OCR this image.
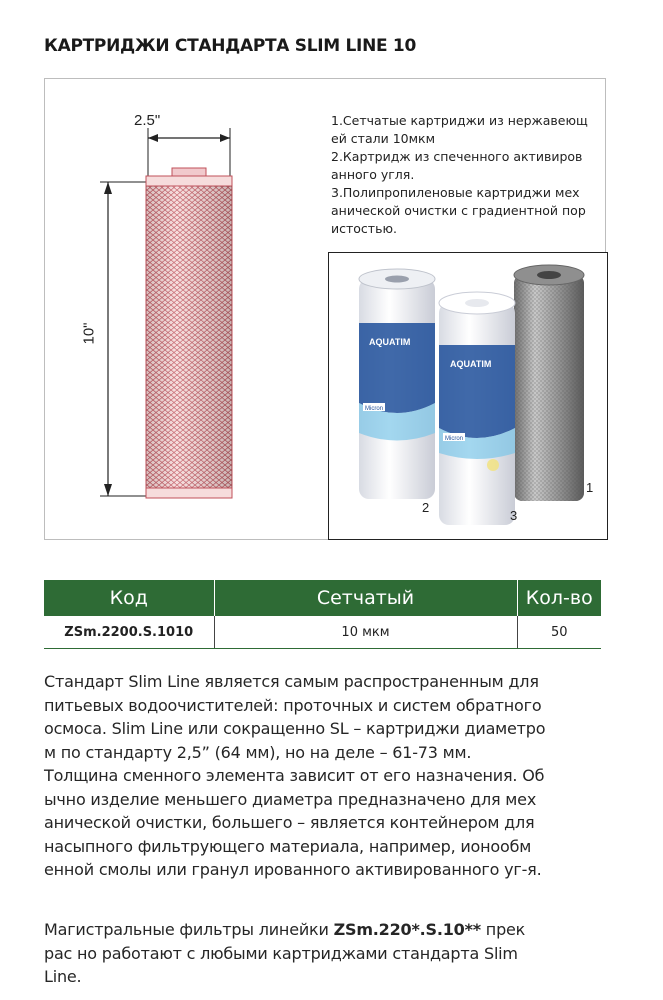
КАРТРИДЖИ СТАНДАРТА SLIM LINE 10
2.5"
10"
1.Сетчатые картриджи из нержавеющ
ей стали 10мкм
2.Картридж из спеченного активиров
анного угля.
3.Полипропиленовые картриджи мех
анической очистки с градиентной пор
истостью.
AQUATIM
Micron
AQUATIM
Micron
1
2
3
Код	Сетчатый	Кол-во
ZSm.2200.S.1010	10 мкм	50
Стандарт Slim Line является самым распространенным для
питьевых водоочистителей: проточных и систем обратного
осмоса. Slim Line или сокращенно SL – картриджи диаметро
м по стандарту 2,5” (64 мм), но на деле – 61-73 мм.
Толщина сменного элемента зависит от его назначения. Об
ычно изделие меньшего диаметра предназначено для мех
анической очистки, большего – является контейнером для
насыпного фильтрующего материала, например, ионообм
енной смолы или гранул ированного активированного уг-я.
Магистральные фильтры линейки ZSm.220*.S.10** прек
рас но работают с любыми картриджами стандарта Slim
Line.
